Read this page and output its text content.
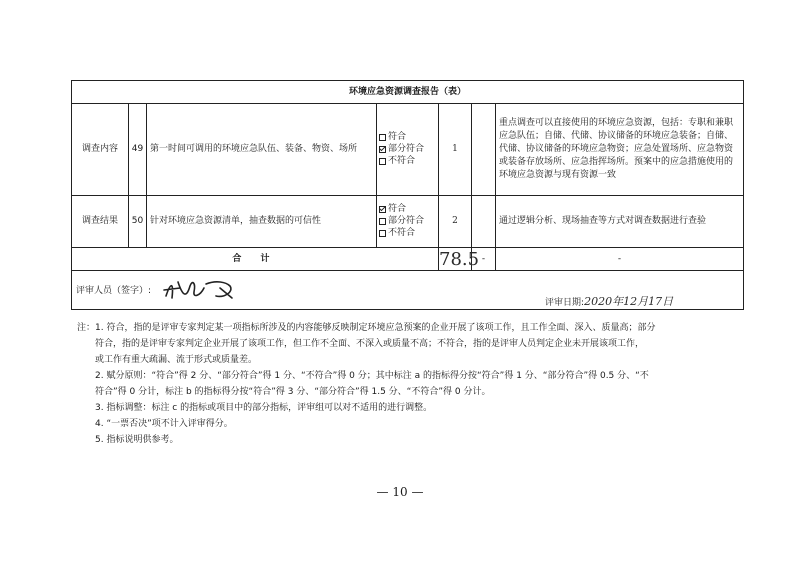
环境应急资源调查报告（表）						
调查内容	49	第一时间可调用的环境应急队伍、装备、物资、场所	符合
部分符合
不符合	1		重点调查可以直接使用的环境应急资源，包括：专职和兼职应急队伍；自储、代储、协议储备的环境应急装备；自储、代储、协议储备的环境应急物资；应急处置场所、应急物资或装备存放场所、应急指挥场所。预案中的应急措施使用的环境应急资源与现有资源一致
调查结果	50	针对环境应急资源清单，抽查数据的可信性	符合
部分符合
不符合	2		通过逻辑分析、现场抽查等方式对调查数据进行查验
合 计				78.5	-	-

评审人员（签字）:
评审日期:2020年12月17日						
注：1. 符合，指的是评审专家判定某一项指标所涉及的内容能够反映制定环境应急预案的企业开展了该项工作，且工作全面、深入、质量高；部分
符合，指的是评审专家判定企业开展了该项工作，但工作不全面、不深入或质量不高；不符合，指的是评审人员判定企业未开展该项工作，
或工作有重大疏漏、流于形式或质量差。
2. 赋分原则：“符合”得 2 分、“部分符合”得 1 分、“不符合”得 0 分；其中标注 a 的指标得分按“符合”得 1 分、“部分符合”得 0.5 分、“不
符合”得 0 分计，标注 b 的指标得分按“符合”得 3 分、“部分符合”得 1.5 分、“不符合”得 0 分计。
3. 指标调整：标注 c 的指标或项目中的部分指标，评审组可以对不适用的进行调整。
4. “一票否决”项不计入评审得分。
5. 指标说明供参考。
— 10 —
